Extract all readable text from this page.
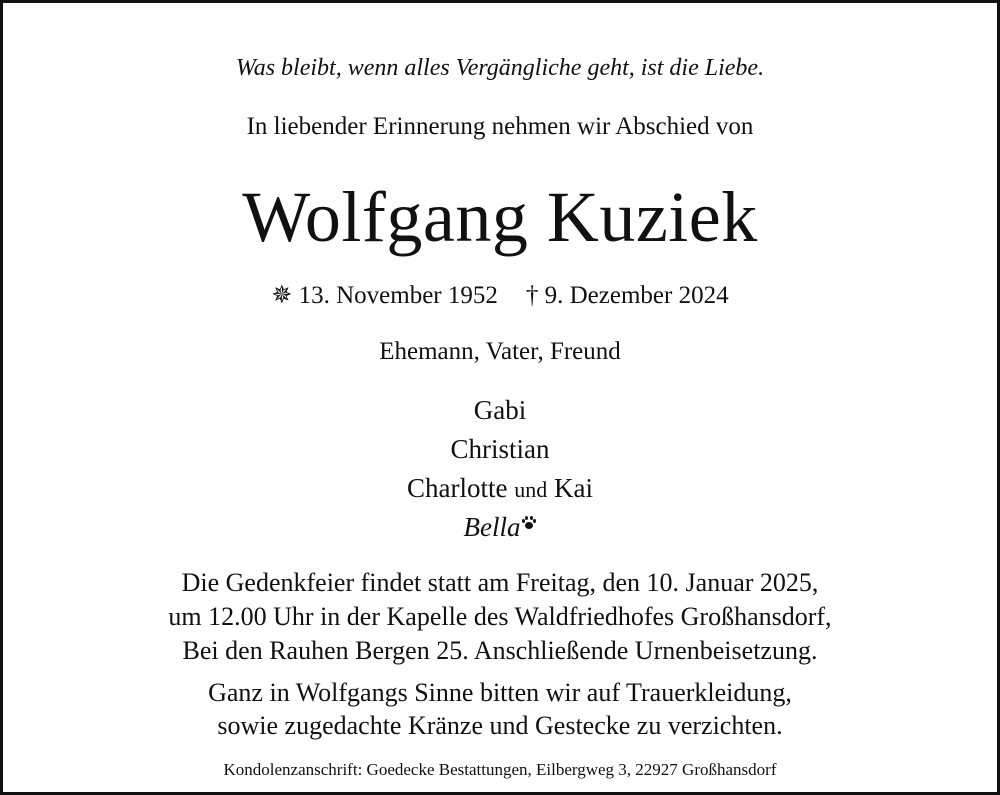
Was bleibt, wenn alles Vergängliche geht, ist die Liebe.
In liebender Erinnerung nehmen wir Abschied von
Wolfgang Kuziek
✵ 13. November 1952 † 9. Dezember 2024
Ehemann, Vater, Freund
Gabi
Christian
Charlotte und Kai
Bella
Die Gedenkfeier findet statt am Freitag, den 10. Januar 2025,
um 12.00 Uhr in der Kapelle des Waldfriedhofes Großhansdorf,
Bei den Rauhen Bergen 25. Anschließende Urnenbeisetzung.
Ganz in Wolfgangs Sinne bitten wir auf Trauerkleidung,
sowie zugedachte Kränze und Gestecke zu verzichten.
Kondolenzanschrift: Goedecke Bestattungen, Eilbergweg 3, 22927 Großhansdorf
